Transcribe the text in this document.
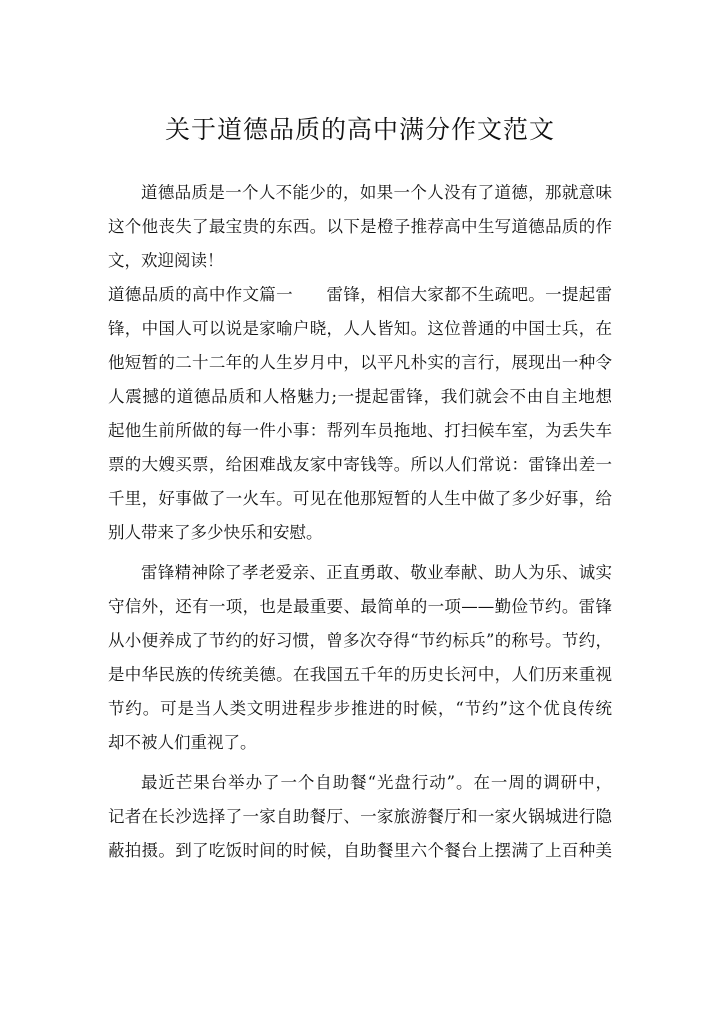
关于道德品质的高中满分作文范文
道德品质是一个人不能少的，如果一个人没有了道德，那就意味
这个他丧失了最宝贵的东西。以下是橙子推荐高中生写道德品质的作
文，欢迎阅读！
道德品质的高中作文篇一　　雷锋，相信大家都不生疏吧。一提起雷
锋，中国人可以说是家喻户晓，人人皆知。这位普通的中国士兵，在
他短暂的二十二年的人生岁月中，以平凡朴实的言行，展现出一种令
人震撼的道德品质和人格魅力;一提起雷锋，我们就会不由自主地想
起他生前所做的每一件小事：帮列车员拖地、打扫候车室，为丢失车
票的大嫂买票，给困难战友家中寄钱等。所以人们常说：雷锋出差一
千里，好事做了一火车。可见在他那短暂的人生中做了多少好事，给
别人带来了多少快乐和安慰。
雷锋精神除了孝老爱亲、正直勇敢、敬业奉献、助人为乐、诚实
守信外，还有一项，也是最重要、最简单的一项——勤俭节约。雷锋
从小便养成了节约的好习惯，曾多次夺得“节约标兵”的称号。节约，
是中华民族的传统美德。在我国五千年的历史长河中，人们历来重视
节约。可是当人类文明进程步步推进的时候，“节约”这个优良传统
却不被人们重视了。
最近芒果台举办了一个自助餐“光盘行动”。在一周的调研中，
记者在长沙选择了一家自助餐厅、一家旅游餐厅和一家火锅城进行隐
蔽拍摄。到了吃饭时间的时候，自助餐里六个餐台上摆满了上百种美
